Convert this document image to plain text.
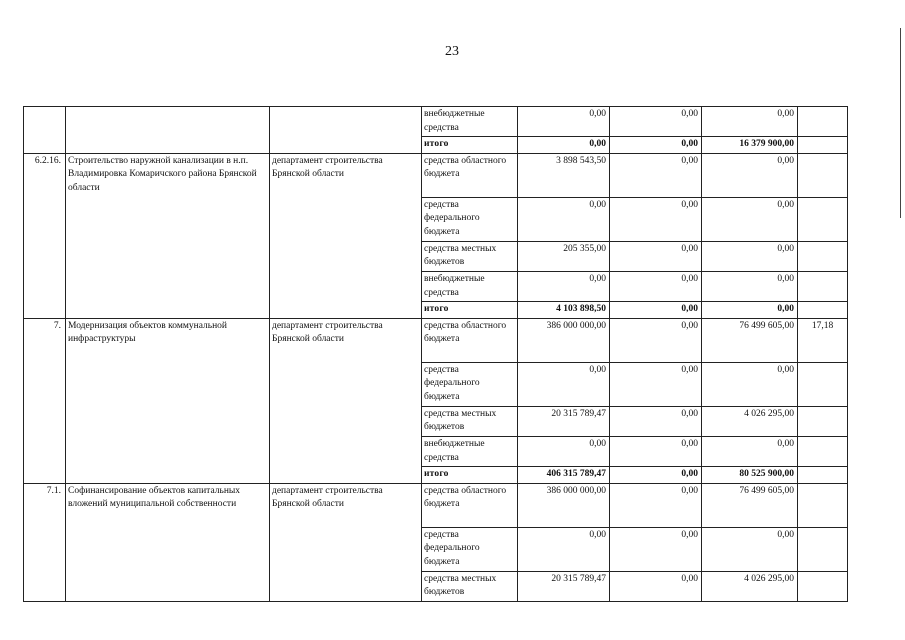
23
			внебюджетные средства	0,00	0,00	0,00	
			итого	0,00	0,00	16 379 900,00	
6.2.16.	Строительство наружной канализации в н.п. Владимировка Комаричского района Брянской области	департамент строительства Брянской области	средства областного бюджета	3 898 543,50	0,00	0,00	
			средства федерального бюджета	0,00	0,00	0,00	
			средства местных бюджетов	205 355,00	0,00	0,00	
			внебюджетные средства	0,00	0,00	0,00	
			итого	4 103 898,50	0,00	0,00	
7.	Модернизация объектов коммунальной инфраструктуры	департамент строительства Брянской области	средства областного бюджета	386 000 000,00	0,00	76 499 605,00	17,18
			средства федерального бюджета	0,00	0,00	0,00	
			средства местных бюджетов	20 315 789,47	0,00	4 026 295,00	
			внебюджетные средства	0,00	0,00	0,00	
			итого	406 315 789,47	0,00	80 525 900,00	
7.1.	Софинансирование объектов капитальных вложений муниципальной собственности	департамент строительства Брянской области	средства областного бюджета	386 000 000,00	0,00	76 499 605,00	
			средства федерального бюджета	0,00	0,00	0,00	
			средства местных бюджетов	20 315 789,47	0,00	4 026 295,00	
